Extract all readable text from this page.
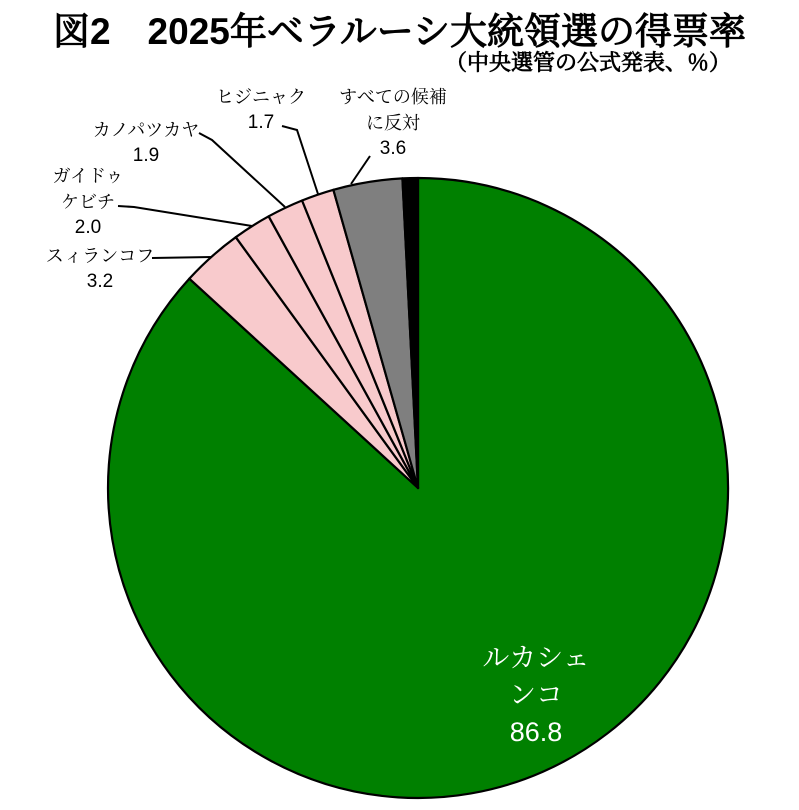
図2　2025年ベラルーシ大統領選の得票率
（中央選管の公式発表、％）
ヒジニャク
1.7
すべての候補
に反対
3.6
カノパツカヤ
1.9
ガイドゥ
ケビチ
2.0
スィランコフ
3.2
ルカシェ
ンコ
86.8
